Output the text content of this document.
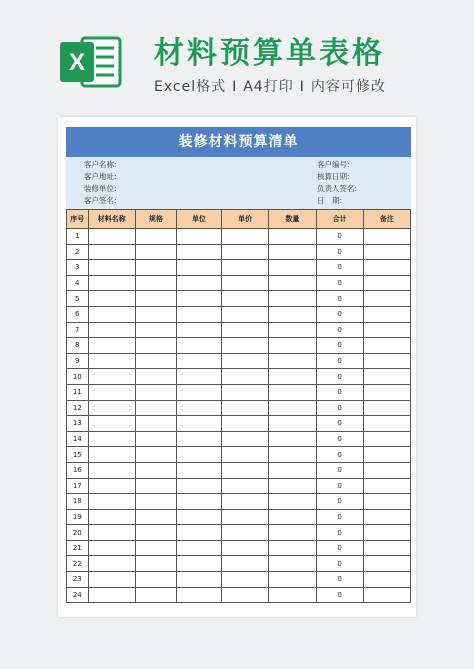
X 材料预算单表格
Excel格式 I A4打印 I 内容可修改
装修材料预算清单
客户名称:	客户编号:
客户地址:	核算日期:
装修单位:	负责人签名:
客户签名:	日　期:
序号	材料名称	规格	单位	单价	数量	合计	备注
1						0	
2						0	
3						0	
4						0	
5						0	
6						0	
7						0	
8						0	
9						0	
10						0	
11						0	
12						0	
13						0	
14						0	
15						0	
16						0	
17						0	
18						0	
19						0	
20						0	
21						0	
22						0	
23						0	
24						0	
